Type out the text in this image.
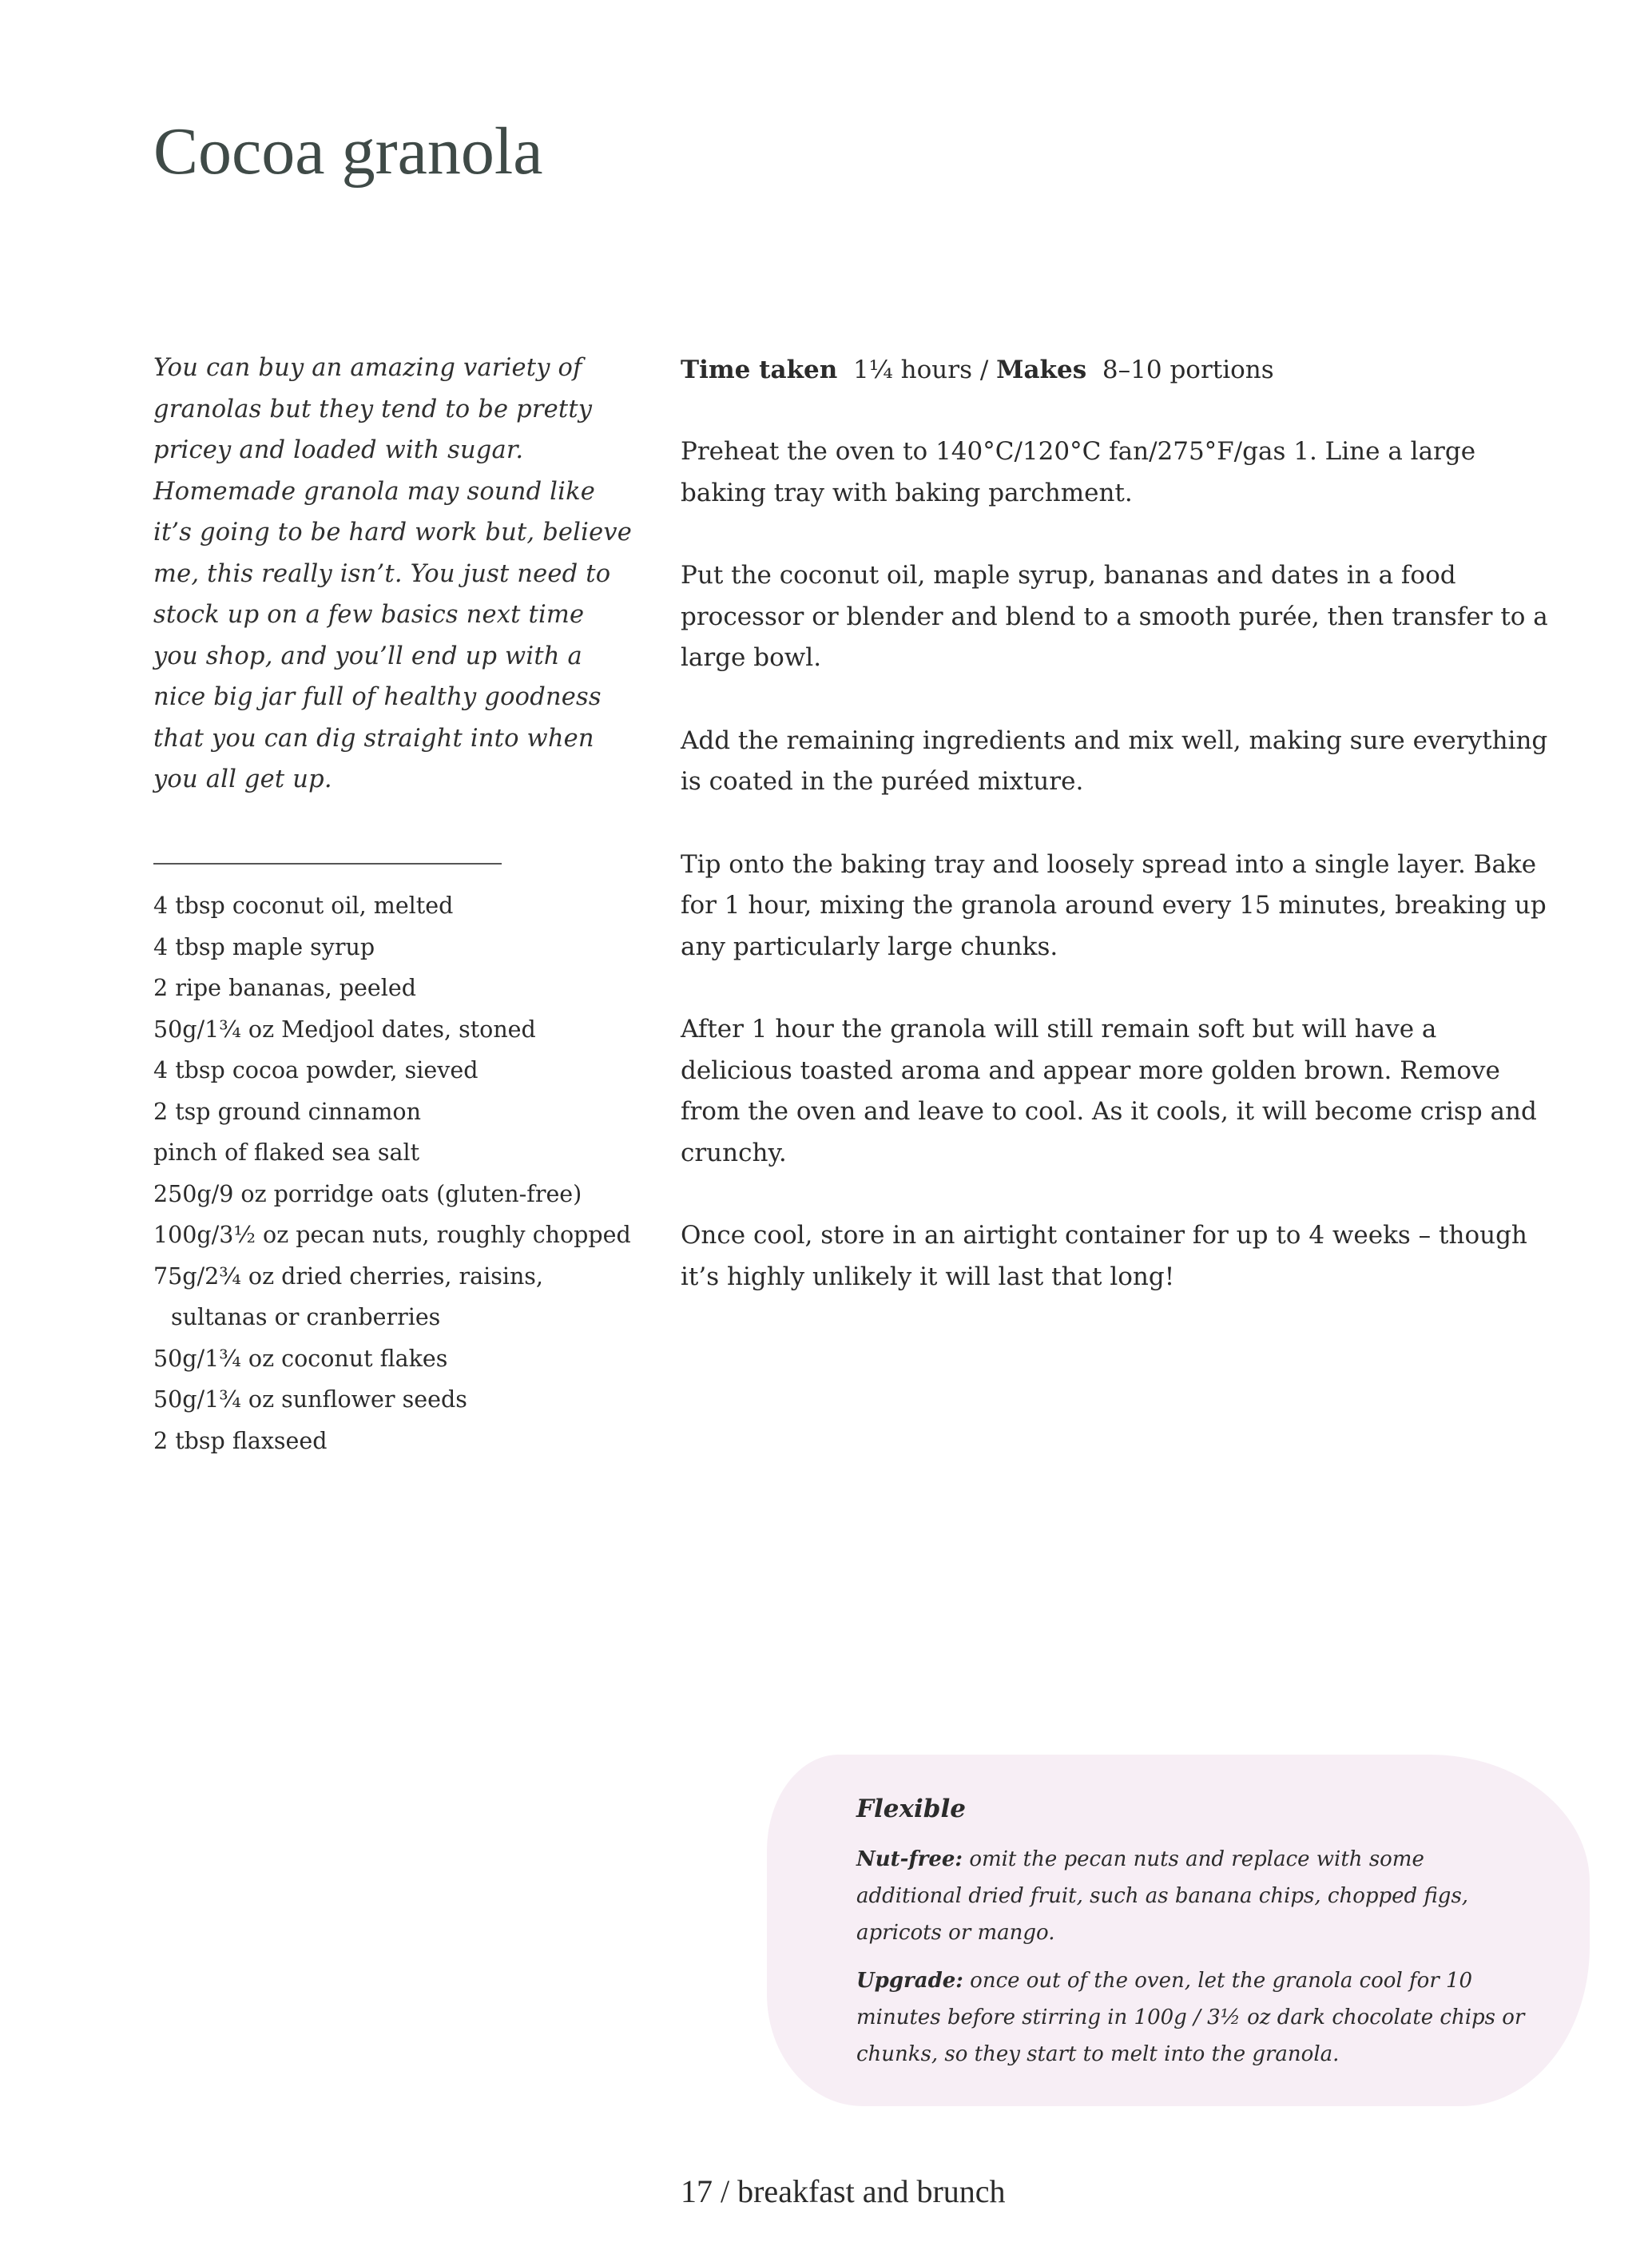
Cocoa granola

You can buy an amazing variety of granolas but they tend to be pretty pricey and loaded with sugar. Homemade granola may sound like it’s going to be hard work but, believe me, this really isn’t. You just need to stock up on a few basics next time you shop, and you’ll end up with a nice big jar full of healthy goodness that you can dig straight into when you all get up.

4 tbsp coconut oil, melted
4 tbsp maple syrup
2 ripe bananas, peeled
50g/1¾ oz Medjool dates, stoned
4 tbsp cocoa powder, sieved
2 tsp ground cinnamon
pinch of flaked sea salt
250g/9 oz porridge oats (gluten-free)
100g/3½ oz pecan nuts, roughly chopped
75g/2¾ oz dried cherries, raisins,
sultanas or cranberries
50g/1¾ oz coconut flakes
50g/1¾ oz sunflower seeds
2 tbsp flaxseed

Time taken 1¼ hours / Makes 8–10 portions

Preheat the oven to 140°C/120°C fan/275°F/gas 1. Line a large baking tray with baking parchment.

Put the coconut oil, maple syrup, bananas and dates in a food processor or blender and blend to a smooth purée, then transfer to a large bowl.

Add the remaining ingredients and mix well, making sure everything is coated in the puréed mixture.

Tip onto the baking tray and loosely spread into a single layer. Bake for 1 hour, mixing the granola around every 15 minutes, breaking up any particularly large chunks.

After 1 hour the granola will still remain soft but will have a delicious toasted aroma and appear more golden brown. Remove from the oven and leave to cool. As it cools, it will become crisp and crunchy.

Once cool, store in an airtight container for up to 4 weeks – though it’s highly unlikely it will last that long!

Flexible

Nut-free: omit the pecan nuts and replace with some additional dried fruit, such as banana chips, chopped figs, apricots or mango.

Upgrade: once out of the oven, let the granola cool for 10 minutes before stirring in 100g / 3½ oz dark chocolate chips or chunks, so they start to melt into the granola.

17 / breakfast and brunch
